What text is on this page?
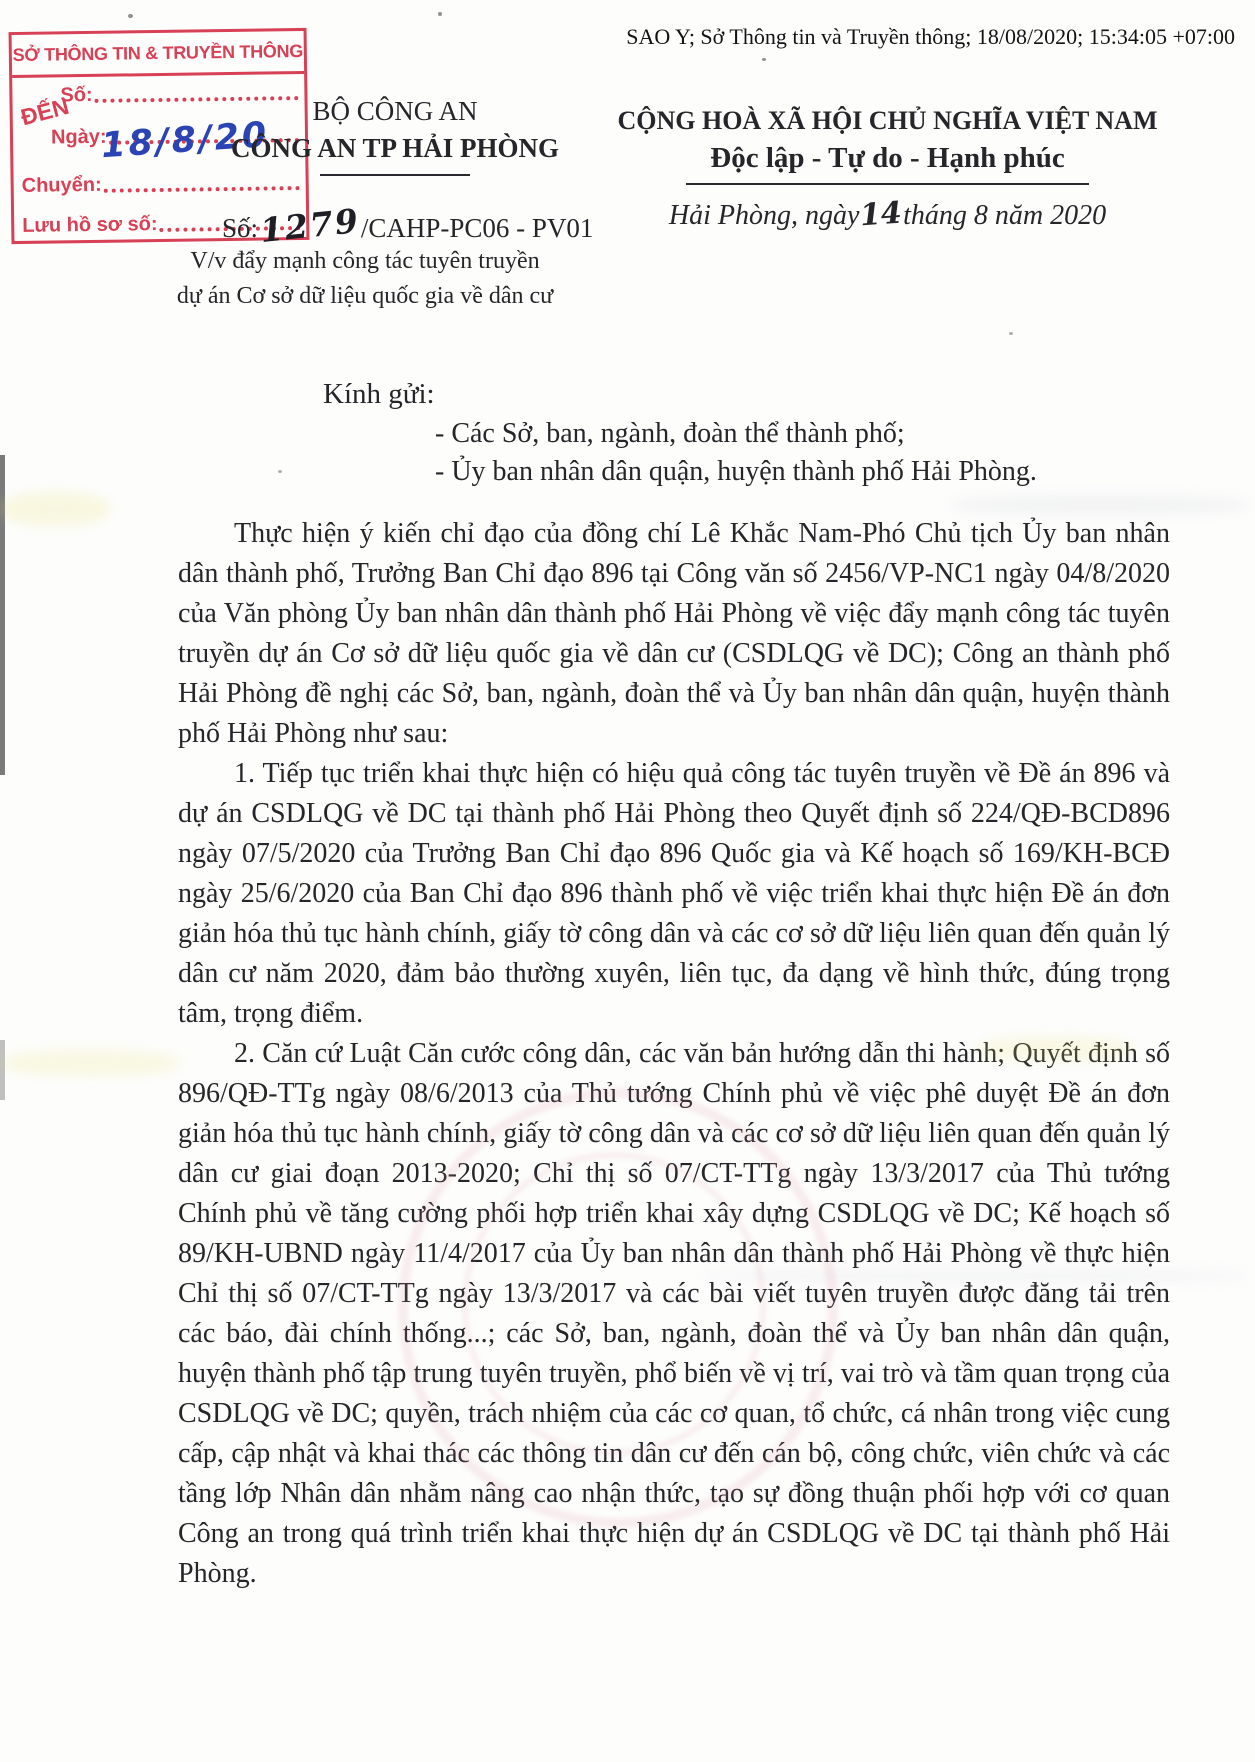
SAO Y; Sở Thông tin và Truyền thông; 18/08/2020; 15:34:05 +07:00
SỞ THÔNG TIN & TRUYỀN THÔNG
ĐẾN
Số:
Ngày:
18/8/20
Chuyển:
Lưu hồ sơ số:
BỘ CÔNG AN
CÔNG AN TP HẢI PHÒNG
Số:1279/CAHP-PC06 - PV01
V/v đẩy mạnh công tác tuyên truyền
dự án Cơ sở dữ liệu quốc gia về dân cư
CỘNG HOÀ XÃ HỘI CHỦ NGHĨA VIỆT NAM
Độc lập - Tự do - Hạnh phúc
Hải Phòng, ngày14tháng 8 năm 2020
Kính gửi:
- Các Sở, ban, ngành, đoàn thể thành phố;
- Ủy ban nhân dân quận, huyện thành phố Hải Phòng.

Thực hiện ý kiến chỉ đạo của đồng chí Lê Khắc Nam-Phó Chủ tịch Ủy ban nhân dân thành phố, Trưởng Ban Chỉ đạo 896 tại Công văn số 2456/VP-NC1 ngày 04/8/2020 của Văn phòng Ủy ban nhân dân thành phố Hải Phòng về việc đẩy mạnh công tác tuyên truyền dự án Cơ sở dữ liệu quốc gia về dân cư (CSDLQG về DC); Công an thành phố Hải Phòng đề nghị các Sở, ban, ngành, đoàn thể và Ủy ban nhân dân quận, huyện thành phố Hải Phòng như sau:

1. Tiếp tục triển khai thực hiện có hiệu quả công tác tuyên truyền về Đề án 896 và dự án CSDLQG về DC tại thành phố Hải Phòng theo Quyết định số 224/QĐ-BCD896 ngày 07/5/2020 của Trưởng Ban Chỉ đạo 896 Quốc gia và Kế hoạch số 169/KH-BCĐ ngày 25/6/2020 của Ban Chỉ đạo 896 thành phố về việc triển khai thực hiện Đề án đơn giản hóa thủ tục hành chính, giấy tờ công dân và các cơ sở dữ liệu liên quan đến quản lý dân cư năm 2020, đảm bảo thường xuyên, liên tục, đa dạng về hình thức, đúng trọng tâm, trọng điểm.

2. Căn cứ Luật Căn cước công dân, các văn bản hướng dẫn thi hành; Quyết định số 896/QĐ-TTg ngày 08/6/2013 của Thủ tướng Chính phủ về việc phê duyệt Đề án đơn giản hóa thủ tục hành chính, giấy tờ công dân và các cơ sở dữ liệu liên quan đến quản lý dân cư giai đoạn 2013-2020; Chỉ thị số 07/CT-TTg ngày 13/3/2017 của Thủ tướng Chính phủ về tăng cường phối hợp triển khai xây dựng CSDLQG về DC; Kế hoạch số 89/KH-UBND ngày 11/4/2017 của Ủy ban nhân dân thành phố Hải Phòng về thực hiện Chỉ thị số 07/CT-TTg ngày 13/3/2017 và các bài viết tuyên truyền được đăng tải trên các báo, đài chính thống...; các Sở, ban, ngành, đoàn thể và Ủy ban nhân dân quận, huyện thành phố tập trung tuyên truyền, phổ biến về vị trí, vai trò và tầm quan trọng của CSDLQG về DC; quyền, trách nhiệm của các cơ quan, tổ chức, cá nhân trong việc cung cấp, cập nhật và khai thác các thông tin dân cư đến cán bộ, công chức, viên chức và các tầng lớp Nhân dân nhằm nâng cao nhận thức, tạo sự đồng thuận phối hợp với cơ quan Công an trong quá trình triển khai thực hiện dự án CSDLQG về DC tại thành phố Hải Phòng.
